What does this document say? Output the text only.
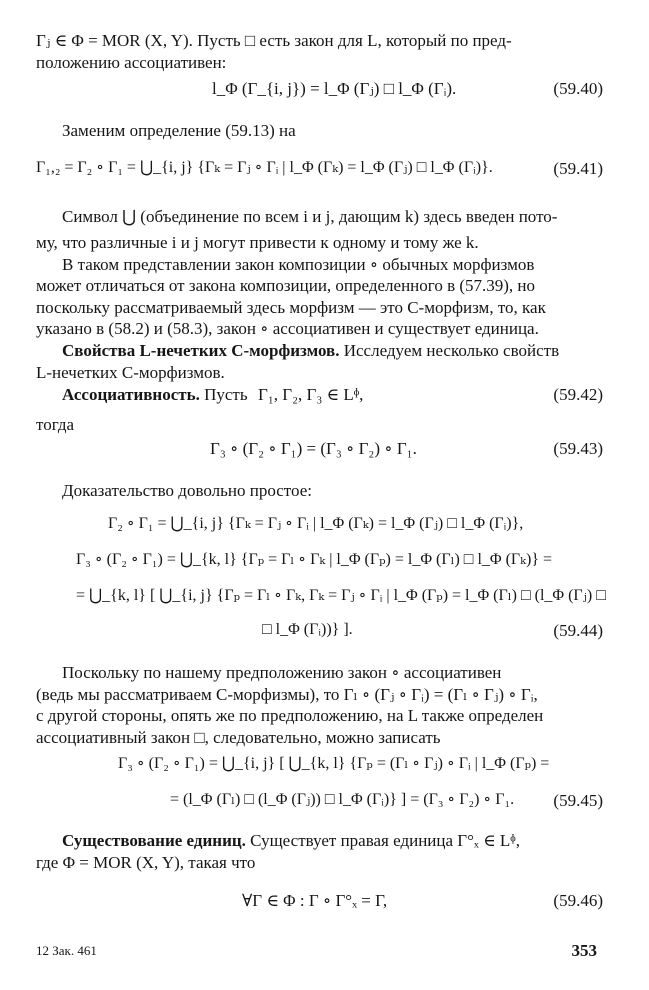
Γⱼ ∈ Φ = MOR (X, Y). Пусть □ есть закон для L, который по пред-
положению ассоциативен:
l_Φ (Γ_{i, j}) = l_Φ (Γⱼ) □ l_Φ (Γᵢ).	(59.40)
Заменим определение (59.13) на
Γ₁,₂ = Γ₂ ∘ Γ₁ = ⋃_{i, j} {Γₖ = Γⱼ ∘ Γᵢ | l_Φ (Γₖ) = l_Φ (Γⱼ) □ l_Φ (Γᵢ)}.	(59.41)
Символ ⋃ (объединение по всем i и j, дающим k) здесь введен пото-
му, что различные i и j могут привести к одному и тому же k.
В таком представлении закон композиции ∘ обычных морфизмов
может отличаться от закона композиции, определенного в (57.39), но
поскольку рассматриваемый здесь морфизм — это С-морфизм, то, как
указано в (58.2) и (58.3), закон ∘ ассоциативен и существует единица.
Свойства L-нечетких С-морфизмов. Исследуем несколько свойств
L-нечетких С-морфизмов.
Ассоциативность. Пусть Γ₁, Γ₂, Γ₃ ∈ Lᶲ,	(59.42)
тогда
Γ₃ ∘ (Γ₂ ∘ Γ₁) = (Γ₃ ∘ Γ₂) ∘ Γ₁.	(59.43)
Доказательство довольно простое:
Γ₂ ∘ Γ₁ = ⋃_{i, j} {Γₖ = Γⱼ ∘ Γᵢ | l_Φ (Γₖ) = l_Φ (Γⱼ) □ l_Φ (Γᵢ)},
Γ₃ ∘ (Γ₂ ∘ Γ₁) = ⋃_{k, l} {Γₚ = Γₗ ∘ Γₖ | l_Φ (Γₚ) = l_Φ (Γₗ) □ l_Φ (Γₖ)} =
= ⋃_{k, l} [ ⋃_{i, j} {Γₚ = Γₗ ∘ Γₖ, Γₖ = Γⱼ ∘ Γᵢ | l_Φ (Γₚ) = l_Φ (Γₗ) □ (l_Φ (Γⱼ) □
□ l_Φ (Γᵢ))} ].	(59.44)
Поскольку по нашему предположению закон ∘ ассоциативен
(ведь мы рассматриваем С-морфизмы), то Γₗ ∘ (Γⱼ ∘ Γᵢ) = (Γₗ ∘ Γⱼ) ∘ Γᵢ,
с другой стороны, опять же по предположению, на L также определен
ассоциативный закон □, следовательно, можно записать
Γ₃ ∘ (Γ₂ ∘ Γ₁) = ⋃_{i, j} [ ⋃_{k, l} {Γₚ = (Γₗ ∘ Γⱼ) ∘ Γᵢ | l_Φ (Γₚ) =
= (l_Φ (Γₗ) □ (l_Φ (Γⱼ)) □ l_Φ (Γᵢ)} ] = (Γ₃ ∘ Γ₂) ∘ Γ₁. (59.45)
Существование единиц. Существует правая единица Γ°ₓ ∈ Lᶲ,
где Φ = MOR (X, Y), такая что
∀Γ ∈ Φ : Γ ∘ Γ°ₓ = Γ,	(59.46)
12 Зак. 461	353
